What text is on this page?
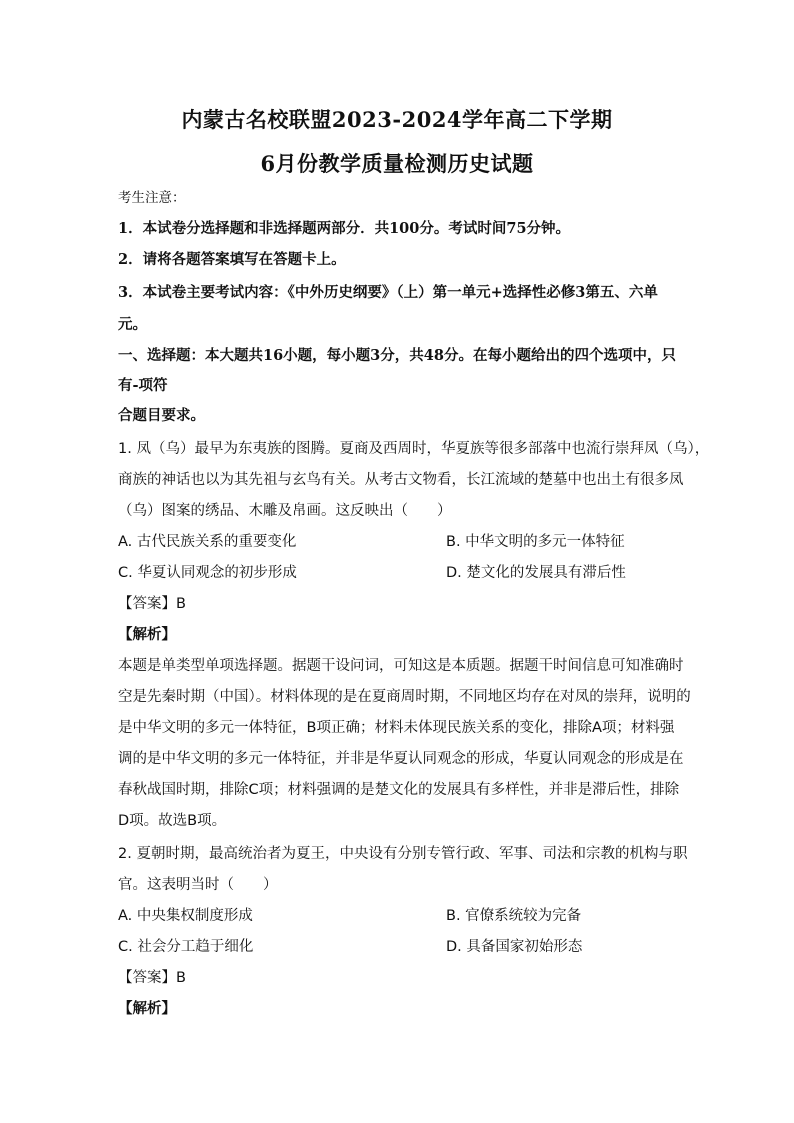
内蒙古名校联盟2023-2024学年高二下学期
6月份教学质量检测历史试题
考生注意：
1．本试卷分选择题和非选择题两部分．共100分。考试时间75分钟。
2．请将各题答案填写在答题卡上。
3．本试卷主要考试内容：《中外历史纲要》（上）第一单元+选择性必修3第五、六单
元。
一、选择题：本大题共16小题，每小题3分，共48分。在每小题给出的四个选项中，只
有-项符
合题目要求。
1. 凤（乌）最早为东夷族的图腾。夏商及西周时，华夏族等很多部落中也流行崇拜凤（乌），
商族的神话也以为其先祖与玄鸟有关。从考古文物看，长江流域的楚墓中也出土有很多凤
（乌）图案的绣品、木雕及帛画。这反映出（　　）
A. 古代民族关系的重要变化	B. 中华文明的多元一体特征
C. 华夏认同观念的初步形成	D. 楚文化的发展具有滞后性
【答案】B
【解析】
本题是单类型单项选择题。据题干设问词，可知这是本质题。据题干时间信息可知准确时
空是先秦时期（中国）。材料体现的是在夏商周时期，不同地区均存在对凤的崇拜，说明的
是中华文明的多元一体特征，B项正确；材料未体现民族关系的变化，排除A项；材料强
调的是中华文明的多元一体特征，并非是华夏认同观念的形成，华夏认同观念的形成是在
春秋战国时期，排除C项；材料强调的是楚文化的发展具有多样性，并非是滞后性，排除
D项。故选B项。
2. 夏朝时期，最高统治者为夏王，中央设有分别专管行政、军事、司法和宗教的机构与职
官。这表明当时（　　）
A. 中央集权制度形成	B. 官僚系统较为完备
C. 社会分工趋于细化	D. 具备国家初始形态
【答案】B
【解析】
